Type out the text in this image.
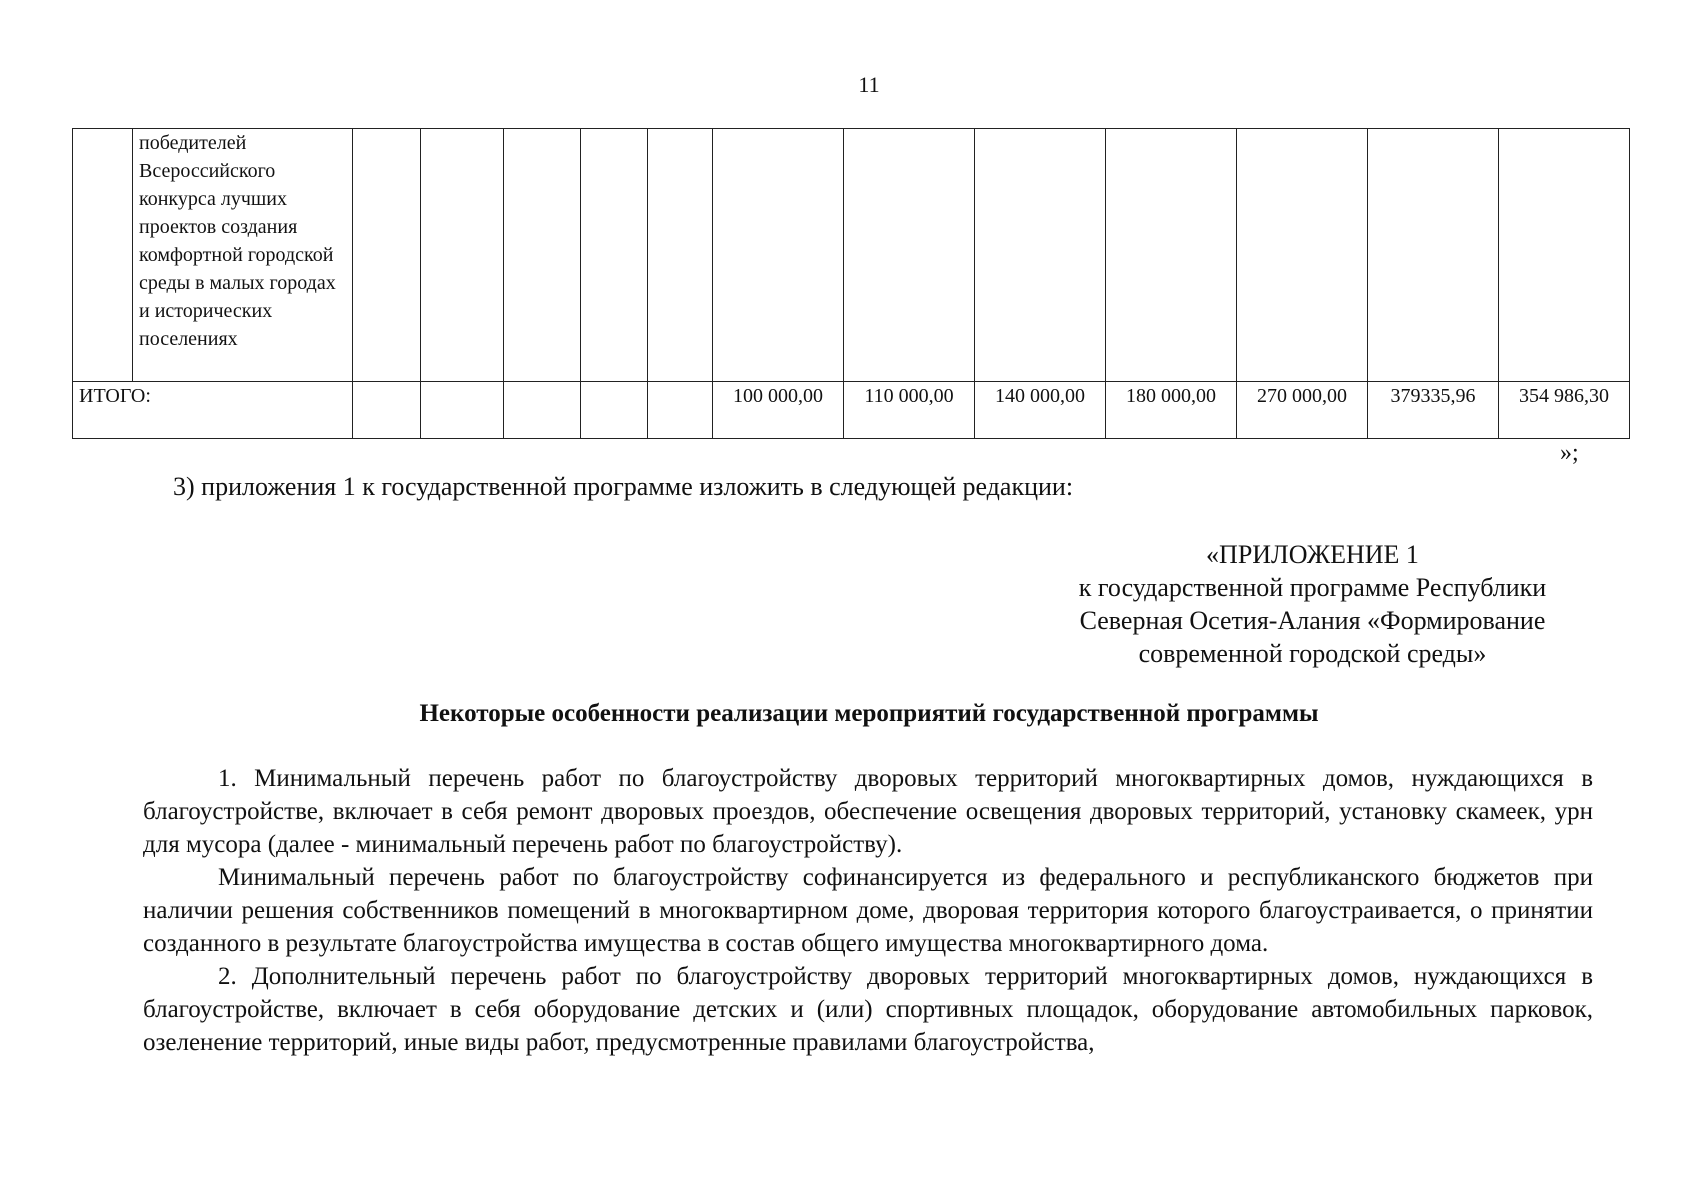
11
	победителей Всероссийского конкурса лучших проектов создания комфортной городской среды в малых городах и исторических поселениях												
ИТОГО:							100 000,00	110 000,00	140 000,00	180 000,00	270 000,00	379335,96	354 986,30
»;
3) приложения 1 к государственной программе изложить в следующей редакции:
«ПРИЛОЖЕНИЕ 1
к государственной программе Республики
Северная Осетия-Алания «Формирование
современной городской среды»
Некоторые особенности реализации мероприятий государственной программы

1. Минимальный перечень работ по благоустройству дворовых территорий многоквартирных домов, нуждающихся в благоустройстве, включает в себя ремонт дворовых проездов, обеспечение освещения дворовых территорий, установку скамеек, урн для мусора (далее - минимальный перечень работ по благоустройству).

Минимальный перечень работ по благоустройству софинансируется из федерального и республиканского бюджетов при наличии решения собственников помещений в многоквартирном доме, дворовая территория которого благоустраивается, о принятии созданного в результате благоустройства имущества в состав общего имущества многоквартирного дома.

2. Дополнительный перечень работ по благоустройству дворовых территорий многоквартирных домов, нуждающихся в благоустройстве, включает в себя оборудование детских и (или) спортивных площадок, оборудование автомобильных парковок, озеленение территорий, иные виды работ, предусмотренные правилами благоустройства,
